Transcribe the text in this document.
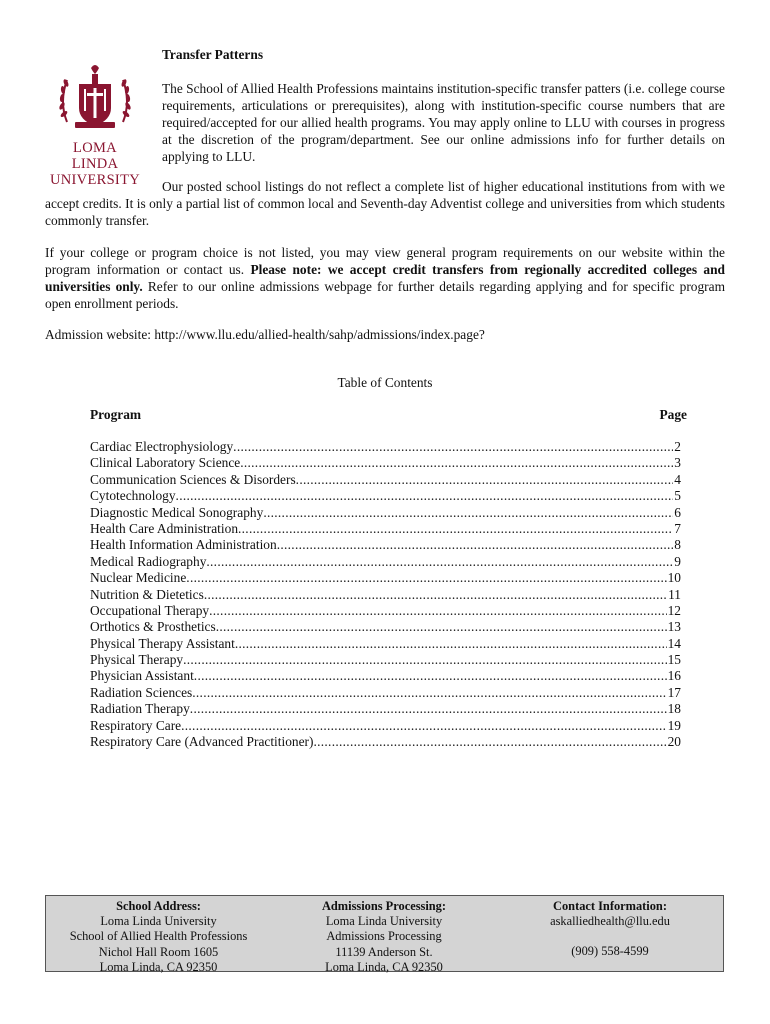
LOMA LINDA
UNIVERSITY
Transfer Patterns

The School of Allied Health Professions maintains institution-specific transfer patters (i.e. college course requirements, articulations or prerequisites), along with institution-specific course numbers that are required/accepted for our allied health programs. You may apply online to LLU with courses in progress at the discretion of the program/department. See our online admissions info for further details on applying to LLU.

Our posted school listings do not reflect a complete list of higher educational institutions from with we accept credits. It is only a partial list of common local and Seventh-day Adventist college and universities from which students commonly transfer.

If your college or program choice is not listed, you may view general program requirements on our website within the program information or contact us. Please note: we accept credit transfers from regionally accredited colleges and universities only. Refer to our online admissions webpage for further details regarding applying and for specific program open enrollment periods.

Admission website: http://www.llu.edu/allied-health/sahp/admissions/index.page?
Table of Contents
Program	Page
Cardiac Electrophysiology .....	2
Clinical Laboratory Science .....	3
Communication Sciences & Disorders .....	4
Cytotechnology .....	5
Diagnostic Medical Sonography .....	6
Health Care Administration .....	7
Health Information Administration .....	8
Medical Radiography .....	9
Nuclear Medicine .....	10
Nutrition & Dietetics .....	11
Occupational Therapy .....	12
Orthotics & Prosthetics .....	13
Physical Therapy Assistant .....	14
Physical Therapy .....	15
Physician Assistant .....	16
Radiation Sciences .....	17
Radiation Therapy .....	18
Respiratory Care .....	19
Respiratory Care (Advanced Practitioner) .....	20
School Address:
Loma Linda University
School of Allied Health Professions
Nichol Hall Room 1605
Loma Linda, CA 92350
Admissions Processing:
Loma Linda University
Admissions Processing
11139 Anderson St.
Loma Linda, CA 92350
Contact Information:
askalliedhealth@llu.edu
(909) 558-4599
